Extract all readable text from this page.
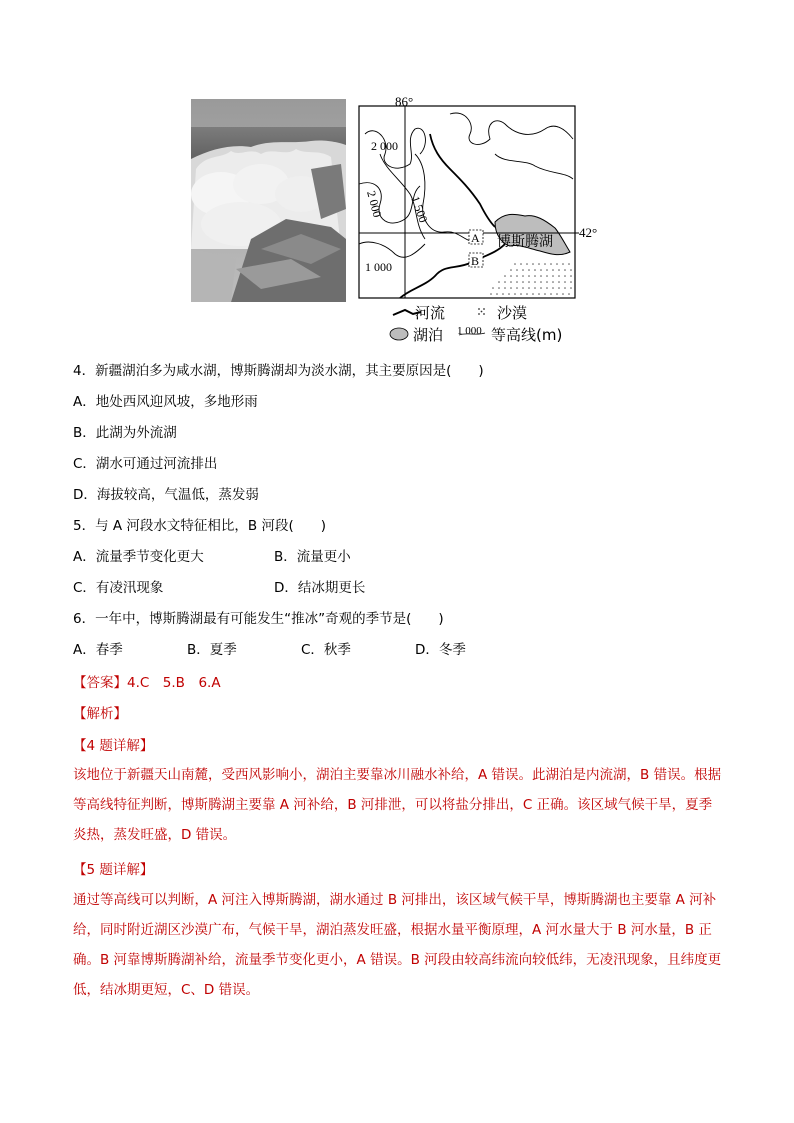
A
B
86°
42°
2 000
2 000 1 500
1 000
博斯腾湖
河流	沙漠
湖泊 1 000 等高线(m)
4．新疆湖泊多为咸水湖，博斯腾湖却为淡水湖，其主要原因是(　　)
A．地处西风迎风坡，多地形雨
B．此湖为外流湖
C．湖水可通过河流排出
D．海拔较高，气温低，蒸发弱
5．与 A 河段水文特征相比，B 河段(　　)
A．流量季节变化更大	B．流量更小
C．有凌汛现象	D．结冰期更长
6．一年中，博斯腾湖最有可能发生“推冰”奇观的季节是(　　)
A．春季	B．夏季	C．秋季	D．冬季
【答案】4.C　5.B　6.A
【解析】
【4 题详解】
该地位于新疆天山南麓，受西风影响小，湖泊主要靠冰川融水补给，A 错误。此湖泊是内流湖，B 错误。根据等高线特征判断，博斯腾湖主要靠 A 河补给，B 河排泄，可以将盐分排出，C 正确。该区域气候干旱，夏季炎热，蒸发旺盛，D 错误。
【5 题详解】
通过等高线可以判断，A 河注入博斯腾湖，湖水通过 B 河排出，该区域气候干旱，博斯腾湖也主要靠 A 河补给，同时附近湖区沙漠广布，气候干旱，湖泊蒸发旺盛，根据水量平衡原理，A 河水量大于 B 河水量，B 正确。B 河靠博斯腾湖补给，流量季节变化更小，A 错误。B 河段由较高纬流向较低纬，无凌汛现象，且纬度更低，结冰期更短，C、D 错误。
